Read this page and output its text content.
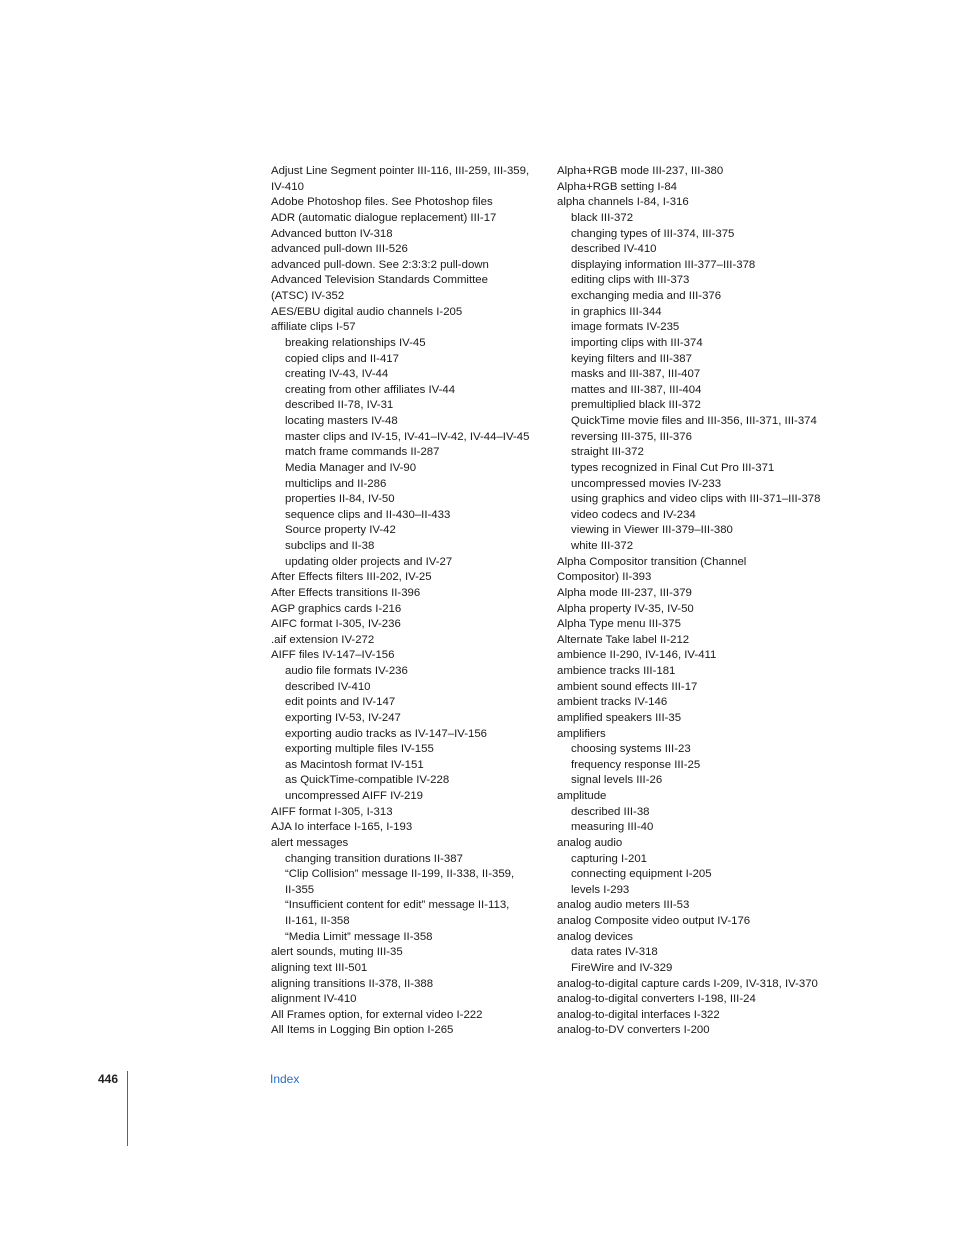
Adjust Line Segment pointer III-116, III-259, III-359,
IV-410
Adobe Photoshop files. See Photoshop files
ADR (automatic dialogue replacement) III-17
Advanced button IV-318
advanced pull-down III-526
advanced pull-down. See 2:3:3:2 pull-down
Advanced Television Standards Committee
(ATSC) IV-352
AES/EBU digital audio channels I-205
affiliate clips I-57
breaking relationships IV-45
copied clips and II-417
creating IV-43, IV-44
creating from other affiliates IV-44
described II-78, IV-31
locating masters IV-48
master clips and IV-15, IV-41–IV-42, IV-44–IV-45
match frame commands II-287
Media Manager and IV-90
multiclips and II-286
properties II-84, IV-50
sequence clips and II-430–II-433
Source property IV-42
subclips and II-38
updating older projects and IV-27
After Effects filters III-202, IV-25
After Effects transitions II-396
AGP graphics cards I-216
AIFC format I-305, IV-236
.aif extension IV-272
AIFF files IV-147–IV-156
audio file formats IV-236
described IV-410
edit points and IV-147
exporting IV-53, IV-247
exporting audio tracks as IV-147–IV-156
exporting multiple files IV-155
as Macintosh format IV-151
as QuickTime-compatible IV-228
uncompressed AIFF IV-219
AIFF format I-305, I-313
AJA Io interface I-165, I-193
alert messages
changing transition durations II-387
“Clip Collision” message II-199, II-338, II-359,
II-355
“Insufficient content for edit” message II-113,
II-161, II-358
“Media Limit” message II-358
alert sounds, muting III-35
aligning text III-501
aligning transitions II-378, II-388
alignment IV-410
All Frames option, for external video I-222
All Items in Logging Bin option I-265
Alpha+RGB mode III-237, III-380
Alpha+RGB setting I-84
alpha channels I-84, I-316
black III-372
changing types of III-374, III-375
described IV-410
displaying information III-377–III-378
editing clips with III-373
exchanging media and III-376
in graphics III-344
image formats IV-235
importing clips with III-374
keying filters and III-387
masks and III-387, III-407
mattes and III-387, III-404
premultiplied black III-372
QuickTime movie files and III-356, III-371, III-374
reversing III-375, III-376
straight III-372
types recognized in Final Cut Pro III-371
uncompressed movies IV-233
using graphics and video clips with III-371–III-378
video codecs and IV-234
viewing in Viewer III-379–III-380
white III-372
Alpha Compositor transition (Channel
Compositor) II-393
Alpha mode III-237, III-379
Alpha property IV-35, IV-50
Alpha Type menu III-375
Alternate Take label II-212
ambience II-290, IV-146, IV-411
ambience tracks III-181
ambient sound effects III-17
ambient tracks IV-146
amplified speakers III-35
amplifiers
choosing systems III-23
frequency response III-25
signal levels III-26
amplitude
described III-38
measuring III-40
analog audio
capturing I-201
connecting equipment I-205
levels I-293
analog audio meters III-53
analog Composite video output IV-176
analog devices
data rates IV-318
FireWire and IV-329
analog-to-digital capture cards I-209, IV-318, IV-370
analog-to-digital converters I-198, III-24
analog-to-digital interfaces I-322
analog-to-DV converters I-200
446	Index
